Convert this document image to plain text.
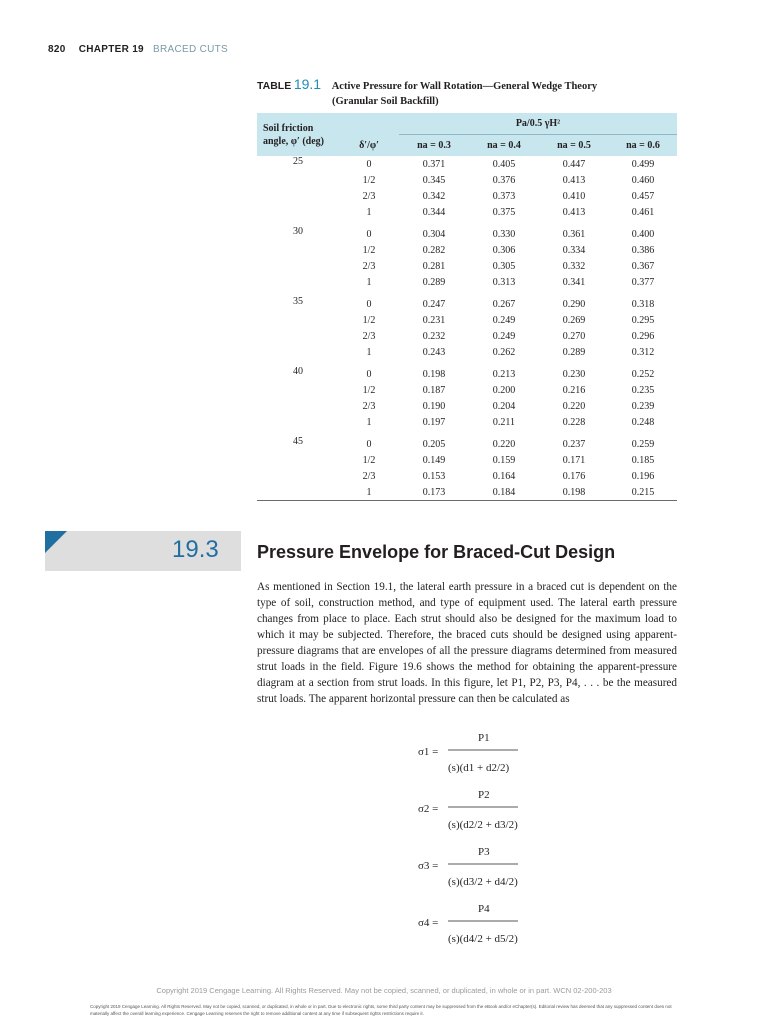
820 CHAPTER 19 BRACED CUTS
TABLE 19.1 Active Pressure for Wall Rotation—General Wedge Theory
(Granular Soil Backfill)
Soil friction
angle, φ′ (deg)		Pa/0.5 γH²			
	δ′/φ′	na = 0.3	na = 0.4	na = 0.5	na = 0.6
25	0	0.371	0.405	0.447	0.499
	1/2	0.345	0.376	0.413	0.460
	2/3	0.342	0.373	0.410	0.457
	1	0.344	0.375	0.413	0.461

30	0	0.304	0.330	0.361	0.400
	1/2	0.282	0.306	0.334	0.386
	2/3	0.281	0.305	0.332	0.367
	1	0.289	0.313	0.341	0.377

35	0	0.247	0.267	0.290	0.318
	1/2	0.231	0.249	0.269	0.295
	2/3	0.232	0.249	0.270	0.296
	1	0.243	0.262	0.289	0.312

40	0	0.198	0.213	0.230	0.252
	1/2	0.187	0.200	0.216	0.235
	2/3	0.190	0.204	0.220	0.239
	1	0.197	0.211	0.228	0.248

45	0	0.205	0.220	0.237	0.259
	1/2	0.149	0.159	0.171	0.185
	2/3	0.153	0.164	0.176	0.196
	1	0.173	0.184	0.198	0.215
19.3 Pressure Envelope for Braced-Cut Design

As mentioned in Section 19.1, the lateral earth pressure in a braced cut is dependent on the type of soil, construction method, and type of equipment used. The lateral earth pressure changes from place to place. Each strut should also be designed for the maximum load to which it may be subjected. Therefore, the braced cuts should be designed using apparent-pressure diagrams that are envelopes of all the pressure diagrams determined from measured strut loads in the field. Figure 19.6 shows the method for obtaining the apparent-pressure diagram at a section from strut loads. In this figure, let P1, P2, P3, P4, . . . be the measured strut loads. The apparent horizontal pressure can then be calculated as

σ1 =
P1
(s)(d1 + d2/2)
σ2 =
P2
(s)(d2/2 + d3/2)
σ3 =
P3
(s)(d3/2 + d4/2)
σ4 =
P4
(s)(d4/2 + d5/2)
Copyright 2019 Cengage Learning. All Rights Reserved. May not be copied, scanned, or duplicated, in whole or in part. WCN 02-200-203
Copyright 2019 Cengage Learning. All Rights Reserved. May not be copied, scanned, or duplicated, in whole or in part. Due to electronic rights, some third party content may be suppressed from the eBook and/or eChapter(s). Editorial review has deemed that any suppressed content does not materially affect the overall learning experience. Cengage Learning reserves the right to remove additional content at any time if subsequent rights restrictions require it.
